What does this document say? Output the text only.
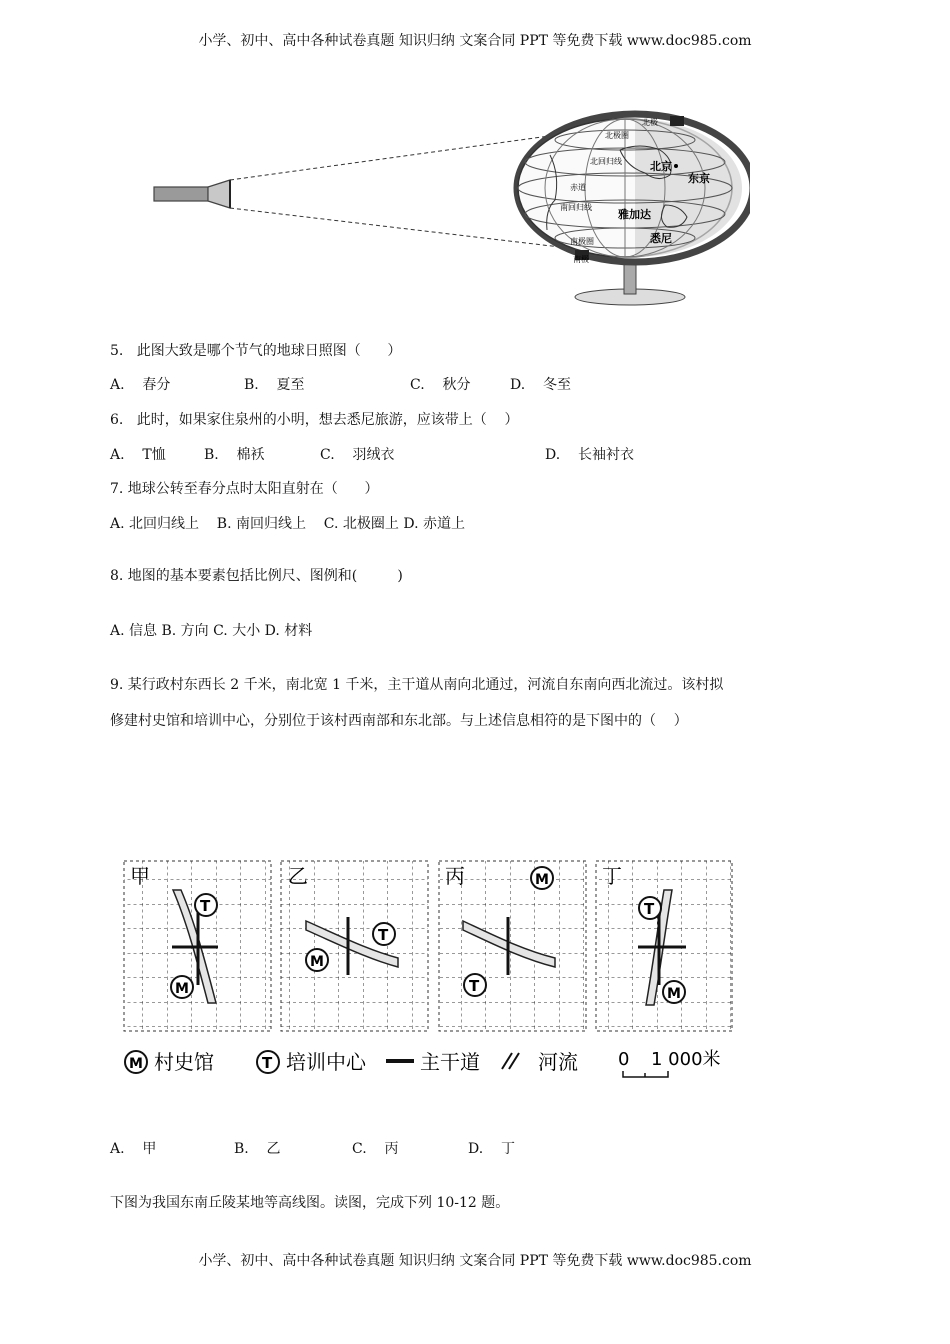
小学、初中、高中各种试卷真题 知识归纳 文案合同 PPT 等免费下载 www.doc985.com
北极
北极圈
北回归线
赤道
南回归线
南极圈
南极
北京
东京
雅加达
悉尼
5.   此图大致是哪个节气的地球日照图（      ）
A.    春分	B.    夏至	C.    秋分	D.    冬至
6.   此时，如果家住泉州的小明，想去悉尼旅游，应该带上（    ）
A.    T恤	B.    棉袄	C.    羽绒衣	D.    长袖衬衣
7. 地球公转至春分点时太阳直射在（      ）
A. 北回归线上    B. 南回归线上    C. 北极圈上 D. 赤道上
8. 地图的基本要素包括比例尺、图例和(         )
A. 信息 B. 方向 C. 大小 D. 材料
9. 某行政村东西长 2 千米，南北宽 1 千米，主干道从南向北通过，河流自东南向西北流过。该村拟
修建村史馆和培训中心，分别位于该村西南部和东北部。与上述信息相符的是下图中的（    ）
甲
T
M
乙
T
M
丙	M
T
丁
T
M
M 村史馆	T 培训中心	主干道	河流 0 1 000米
A.    甲	B.    乙	C.    丙	D.    丁
下图为我国东南丘陵某地等高线图。读图，完成下列 10-12 题。
小学、初中、高中各种试卷真题 知识归纳 文案合同 PPT 等免费下载 www.doc985.com
